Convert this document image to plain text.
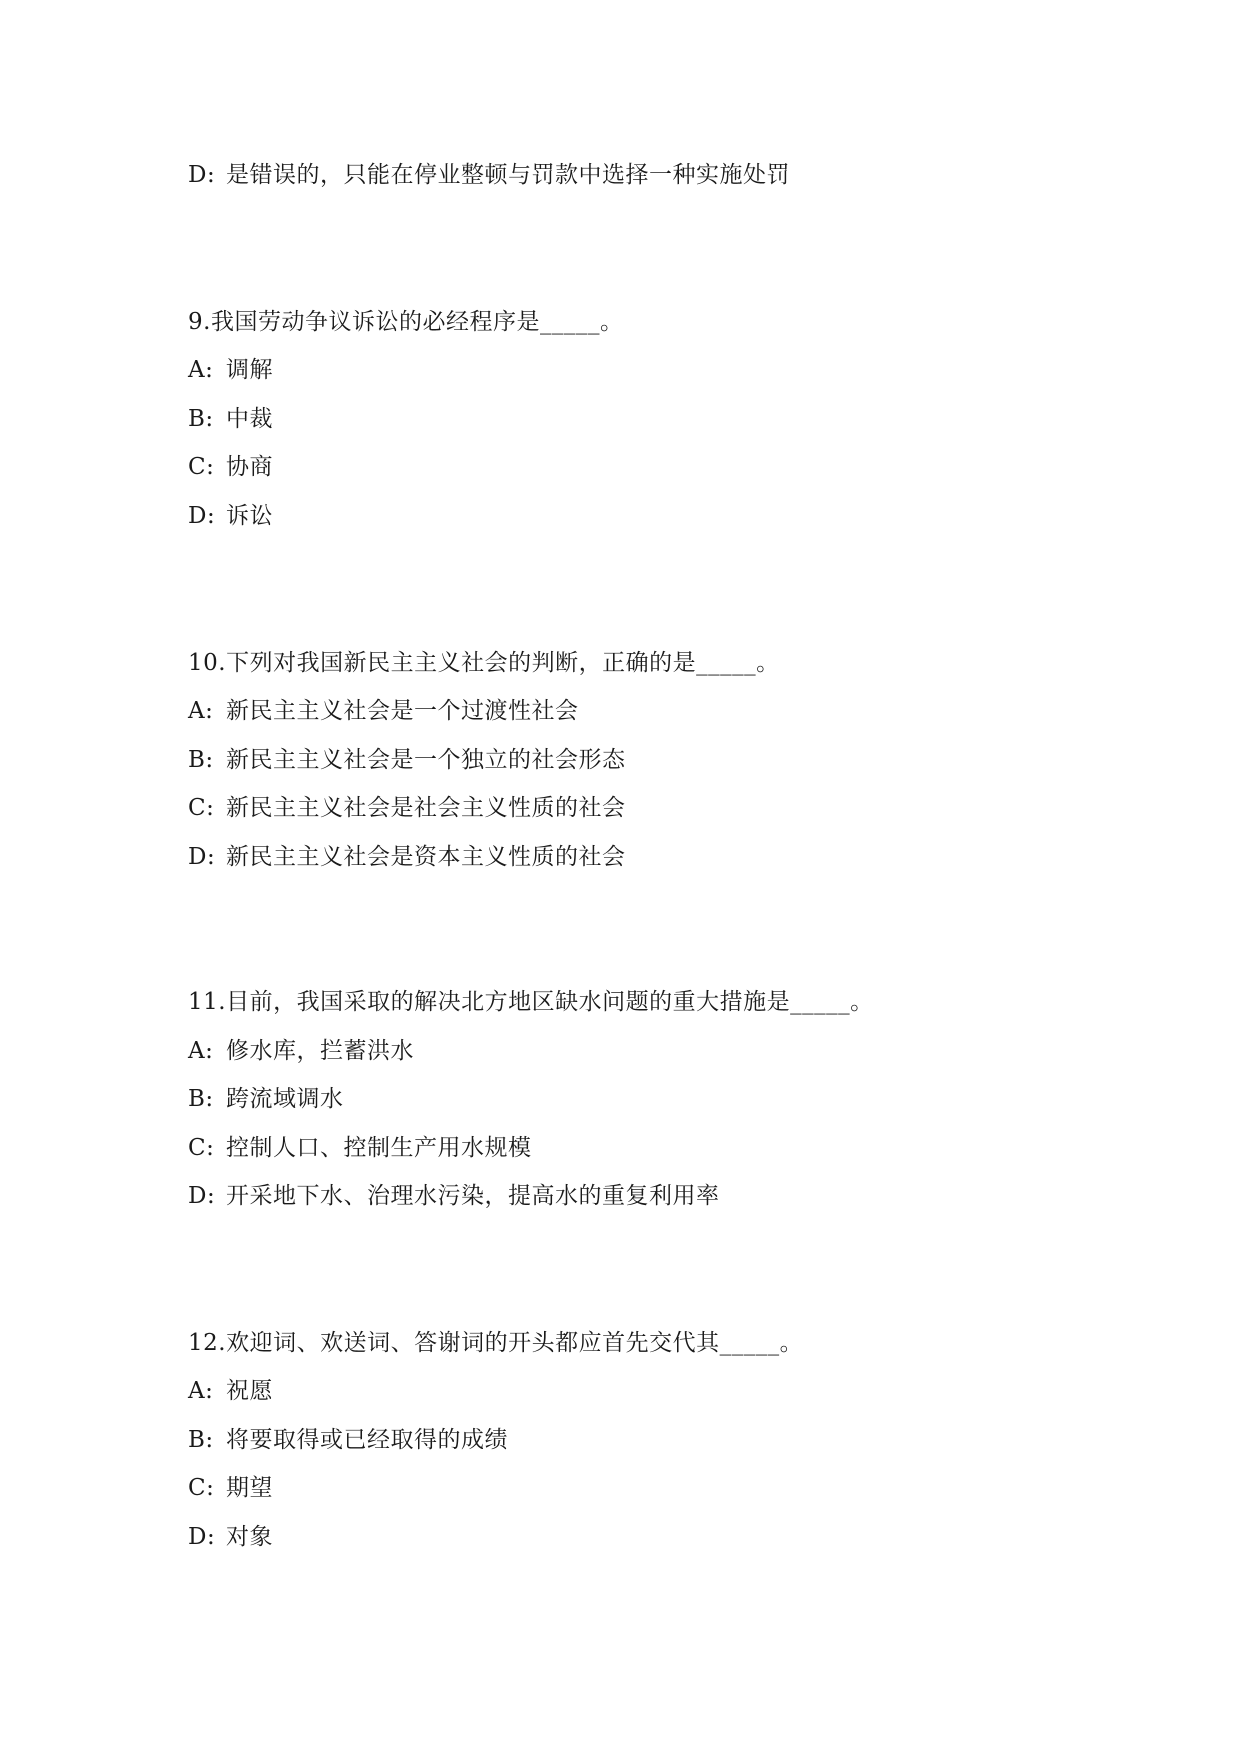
D: 是错误的，只能在停业整顿与罚款中选择一种实施处罚
9.我国劳动争议诉讼的必经程序是_____。
A: 调解
B: 中裁
C: 协商
D: 诉讼
10.下列对我国新民主主义社会的判断，正确的是_____。
A: 新民主主义社会是一个过渡性社会
B: 新民主主义社会是一个独立的社会形态
C: 新民主主义社会是社会主义性质的社会
D: 新民主主义社会是资本主义性质的社会
11.目前，我国采取的解决北方地区缺水问题的重大措施是_____。
A: 修水库，拦蓄洪水
B: 跨流域调水
C: 控制人口、控制生产用水规模
D: 开采地下水、治理水污染，提高水的重复利用率
12.欢迎词、欢送词、答谢词的开头都应首先交代其_____。
A: 祝愿
B: 将要取得或已经取得的成绩
C: 期望
D: 对象
